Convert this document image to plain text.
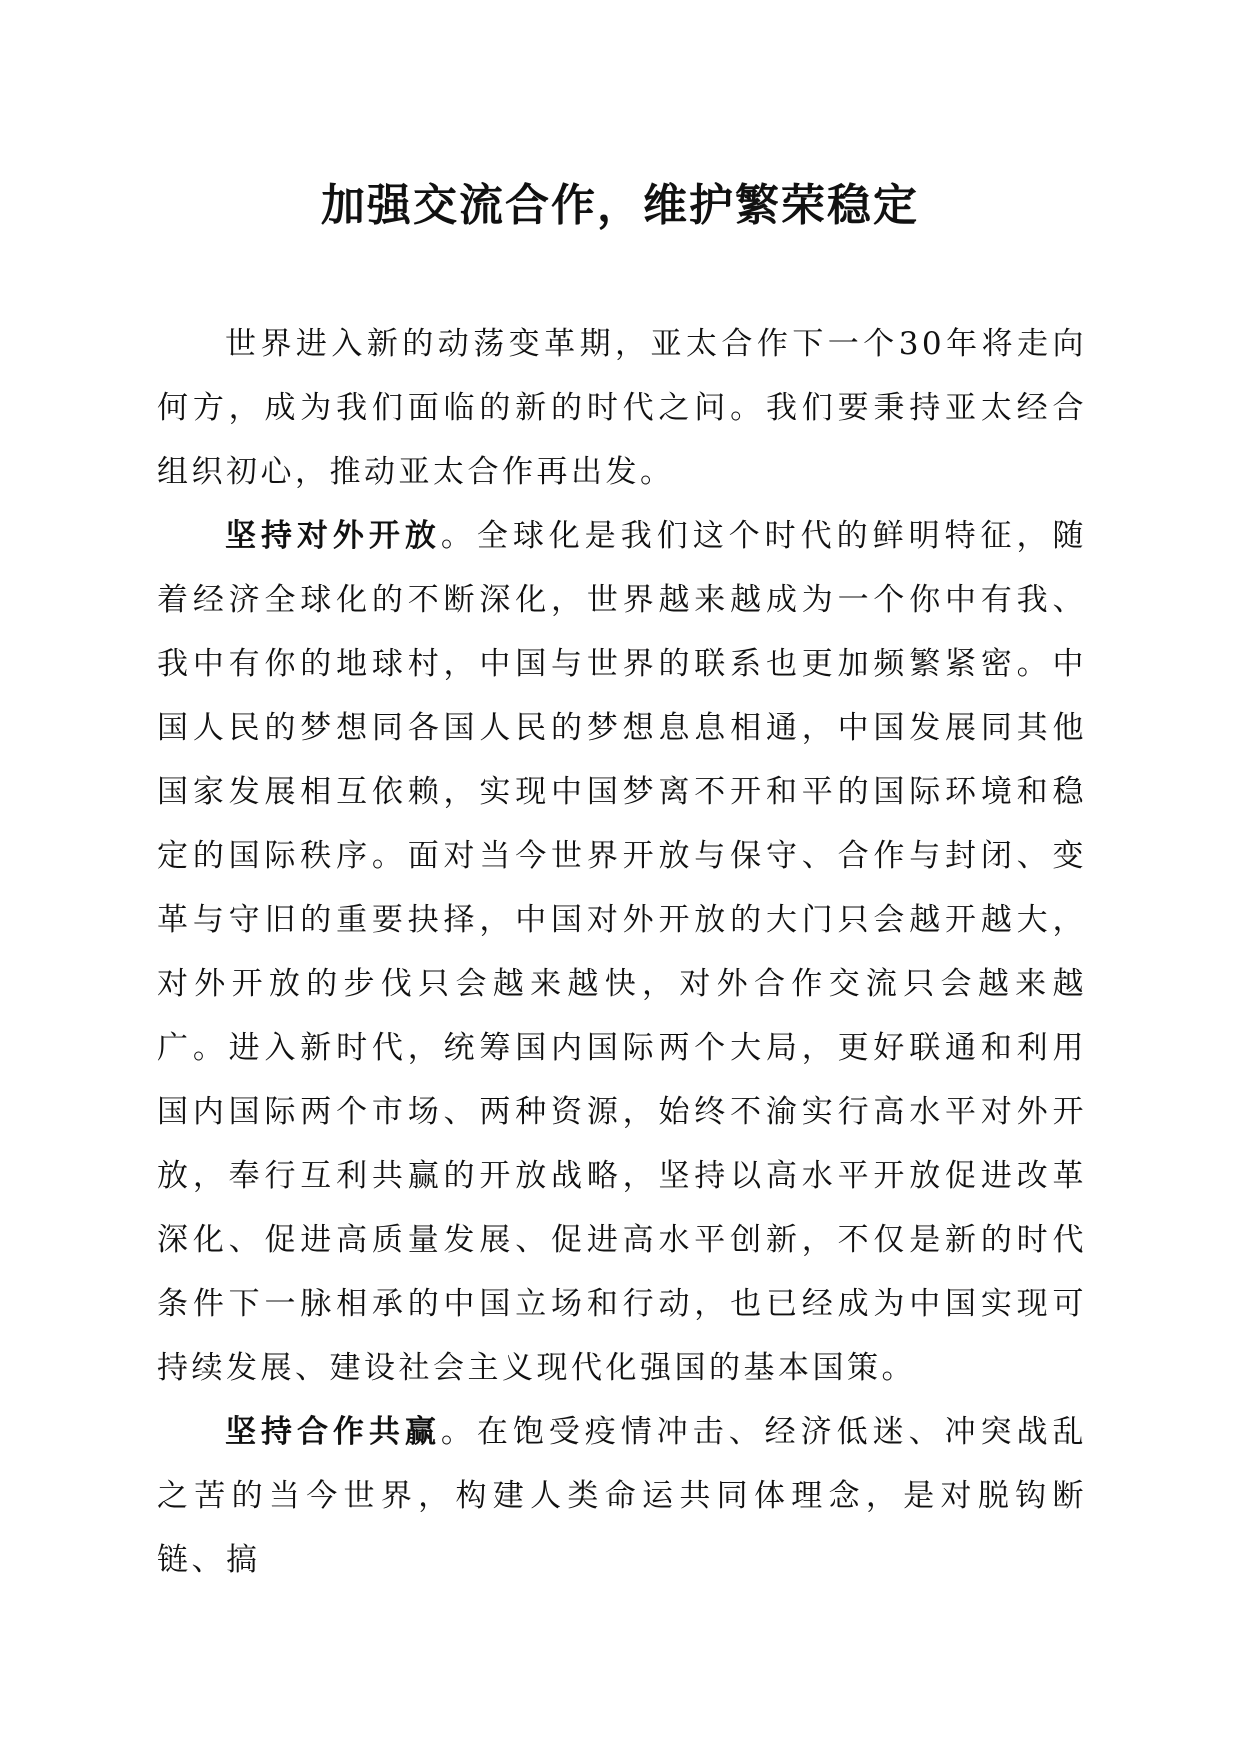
加强交流合作，维护繁荣稳定

世界进入新的动荡变革期，亚太合作下一个30年将走向何方，成为我们面临的新的时代之问。我们要秉持亚太经合组织初心，推动亚太合作再出发。

坚持对外开放。全球化是我们这个时代的鲜明特征，随着经济全球化的不断深化，世界越来越成为一个你中有我、我中有你的地球村，中国与世界的联系也更加频繁紧密。中国人民的梦想同各国人民的梦想息息相通，中国发展同其他国家发展相互依赖，实现中国梦离不开和平的国际环境和稳定的国际秩序。面对当今世界开放与保守、合作与封闭、变革与守旧的重要抉择，中国对外开放的大门只会越开越大，对外开放的步伐只会越来越快，对外合作交流只会越来越广。进入新时代，统筹国内国际两个大局，更好联通和利用国内国际两个市场、两种资源，始终不渝实行高水平对外开放，奉行互利共赢的开放战略，坚持以高水平开放促进改革深化、促进高质量发展、促进高水平创新，不仅是新的时代条件下一脉相承的中国立场和行动，也已经成为中国实现可持续发展、建设社会主义现代化强国的基本国策。

坚持合作共赢。在饱受疫情冲击、经济低迷、冲突战乱之苦的当今世界，构建人类命运共同体理念，是对脱钩断链、搞
